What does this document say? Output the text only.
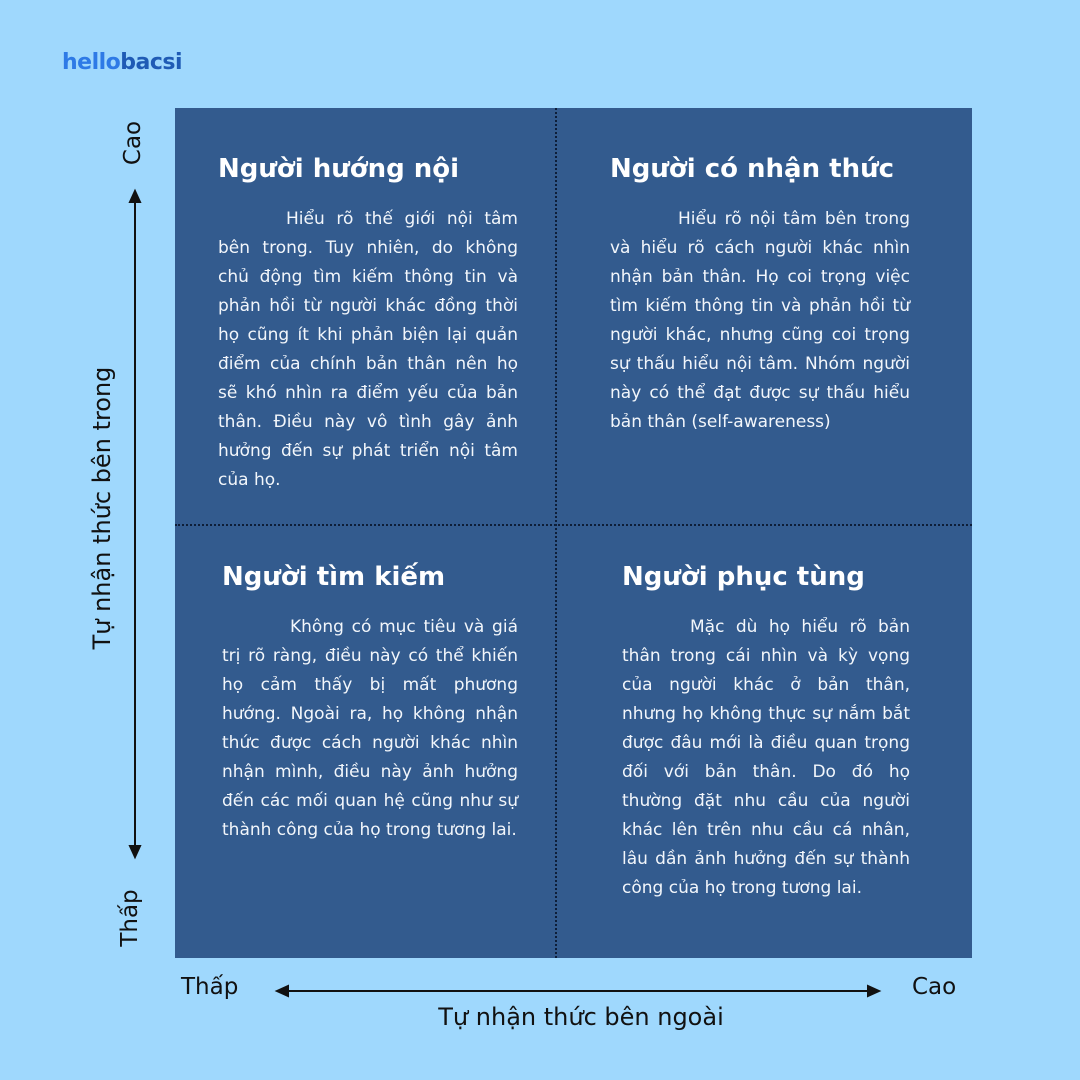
hell o bacsi
Người hướng nội

Hiểu rõ thế giới nội tâm bên trong. Tuy nhiên, do không chủ động tìm kiếm thông tin và phản hồi từ người khác đồng thời họ cũng ít khi phản biện lại quản điểm của chính bản thân nên họ sẽ khó nhìn ra điểm yếu của bản thân. Điều này vô tình gây ảnh hưởng đến sự phát triển nội tâm của họ.

Người có nhận thức

Hiểu rõ nội tâm bên trong và hiểu rõ cách người khác nhìn nhận bản thân. Họ coi trọng việc tìm kiếm thông tin và phản hồi từ người khác, nhưng cũng coi trọng sự thấu hiểu nội tâm. Nhóm người này có thể đạt được sự thấu hiểu bản thân (self-awareness)

Người tìm kiếm

Không có mục tiêu và giá trị rõ ràng, điều này có thể khiến họ cảm thấy bị mất phương hướng. Ngoài ra, họ không nhận thức được cách người khác nhìn nhận mình, điều này ảnh hưởng đến các mối quan hệ cũng như sự thành công của họ trong tương lai.

Người phục tùng

Mặc dù họ hiểu rõ bản thân trong cái nhìn và kỳ vọng của người khác ở bản thân, nhưng họ không thực sự nắm bắt được đâu mới là điều quan trọng đối với bản thân. Do đó họ thường đặt nhu cầu của người khác lên trên nhu cầu cá nhân, lâu dần ảnh hưởng đến sự thành công của họ trong tương lai.

Cao
Thấp
Tự nhận thức bên trong
Thấp	Cao
Tự nhận thức bên ngoài
